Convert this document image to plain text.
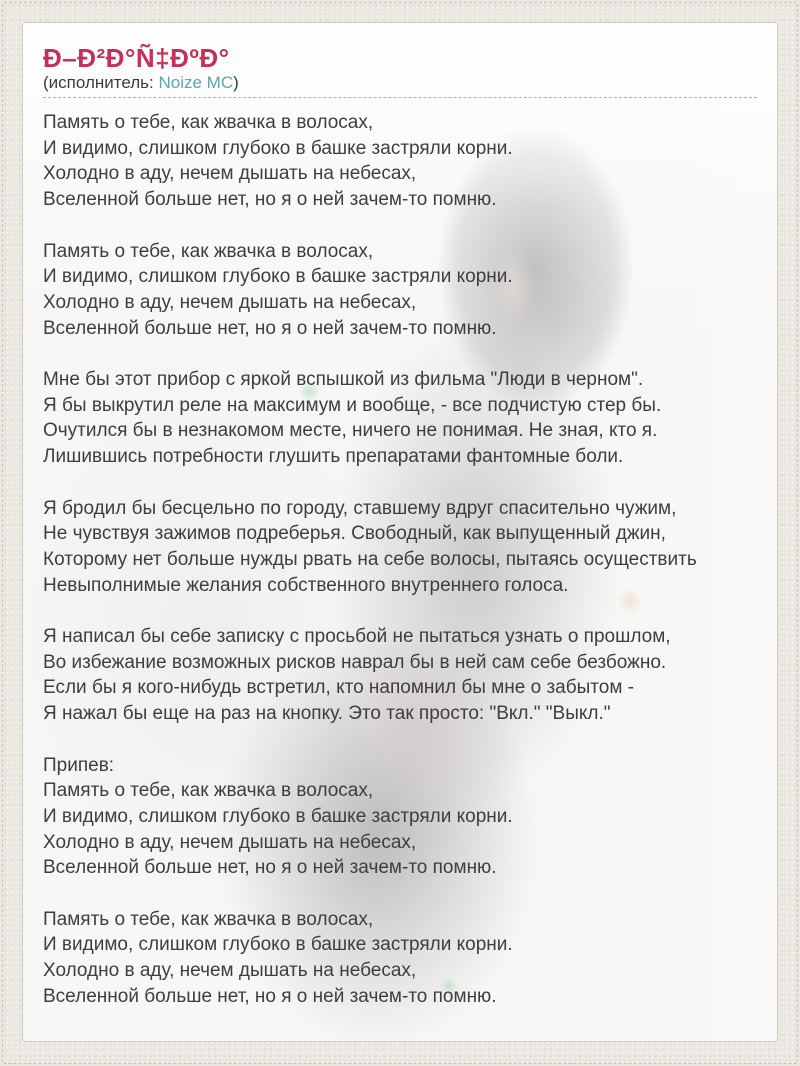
Ð–Ð²Ð°Ñ‡ÐºÐ°
(исполнитель: Noize MC)
Память о тебе, как жвачка в волосах,
И видимо, слишком глубоко в башке застряли корни.
Холодно в аду, нечем дышать на небесах,
Вселенной больше нет, но я о ней зачем-то помню.
Память о тебе, как жвачка в волосах,
И видимо, слишком глубоко в башке застряли корни.
Холодно в аду, нечем дышать на небесах,
Вселенной больше нет, но я о ней зачем-то помню.
Мне бы этот прибор с яркой вспышкой из фильма "Люди в черном".
Я бы выкрутил реле на максимум и вообще, - все подчистую стер бы.
Очутился бы в незнакомом месте, ничего не понимая. Не зная, кто я.
Лишившись потребности глушить препаратами фантомные боли.
Я бродил бы бесцельно по городу, ставшему вдруг спасительно чужим,
Не чувствуя зажимов подреберья. Свободный, как выпущенный джин,
Которому нет больше нужды рвать на себе волосы, пытаясь осуществить
Невыполнимые желания собственного внутреннего голоса.
Я написал бы себе записку с просьбой не пытаться узнать о прошлом,
Во избежание возможных рисков наврал бы в ней сам себе безбожно.
Если бы я кого-нибудь встретил, кто напомнил бы мне о забытом -
Я нажал бы еще на раз на кнопку. Это так просто: "Вкл." "Выкл."
Припев:
Память о тебе, как жвачка в волосах,
И видимо, слишком глубоко в башке застряли корни.
Холодно в аду, нечем дышать на небесах,
Вселенной больше нет, но я о ней зачем-то помню.
Память о тебе, как жвачка в волосах,
И видимо, слишком глубоко в башке застряли корни.
Холодно в аду, нечем дышать на небесах,
Вселенной больше нет, но я о ней зачем-то помню.
